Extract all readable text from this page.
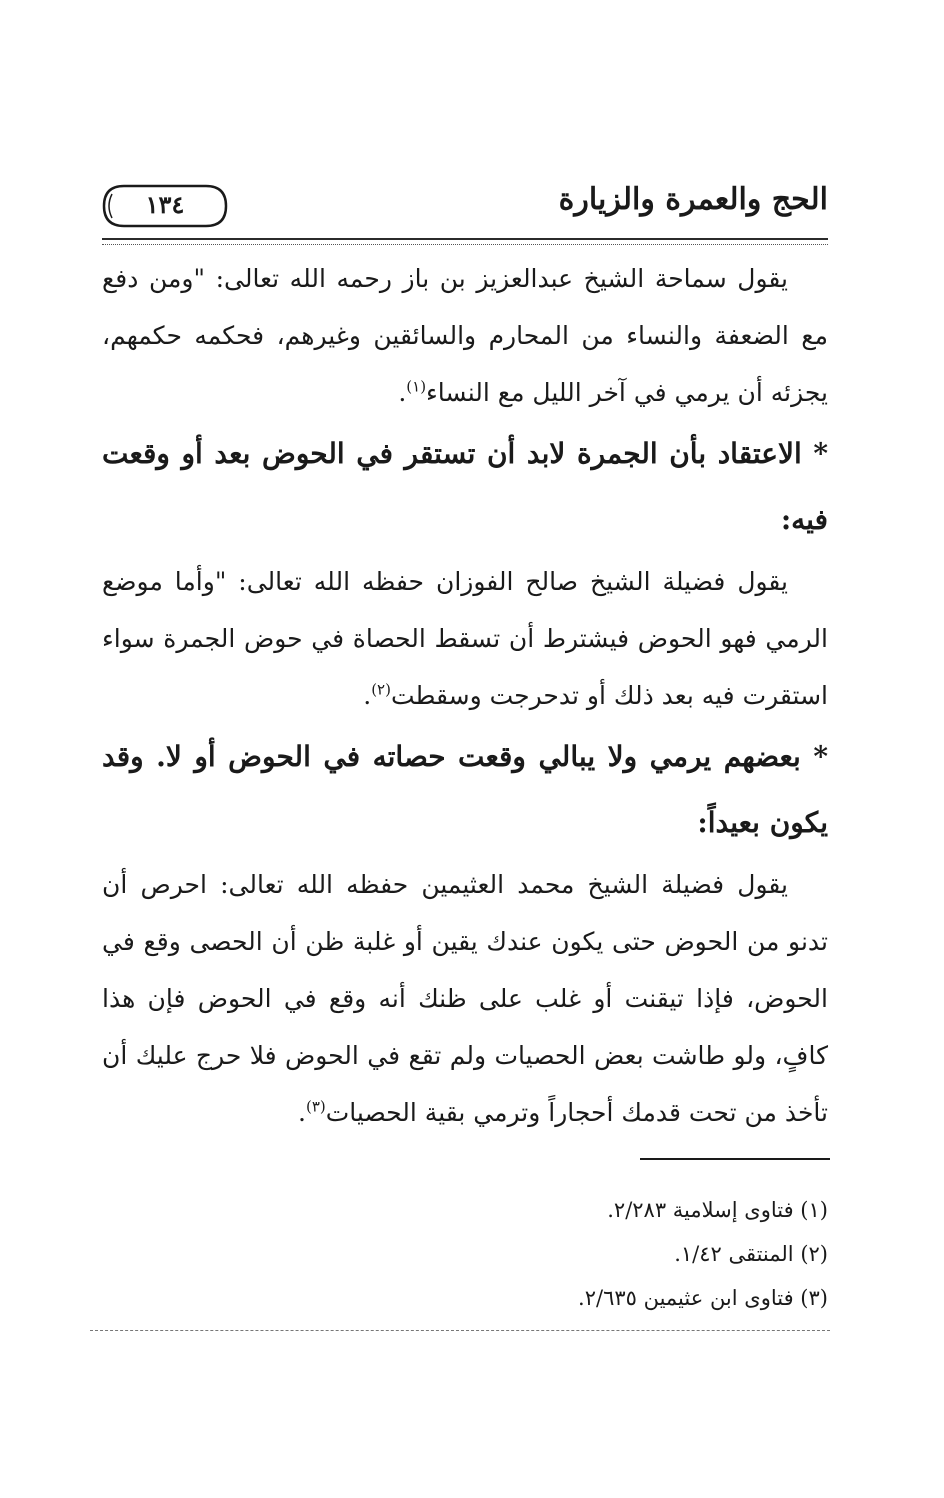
١٣٤	الحج والعمرة والزيارة

يقول سماحة الشيخ عبدالعزيز بن باز رحمه الله تعالى: "ومن دفع مع الضعفة والنساء من المحارم والسائقين وغيرهم، فحكمه حكمهم، يجزئه أن يرمي في آخر الليل مع النساء$^{(١)}$.

* الاعتقاد بأن الجمرة لابد أن تستقر في الحوض بعد أو وقعت فيه:

يقول فضيلة الشيخ صالح الفوزان حفظه الله تعالى: "وأما موضع الرمي فهو الحوض فيشترط أن تسقط الحصاة في حوض الجمرة سواء استقرت فيه بعد ذلك أو تدحرجت وسقطت$^{(٢)}$.

* بعضهم يرمي ولا يبالي وقعت حصاته في الحوض أو لا. وقد يكون بعيداً:

يقول فضيلة الشيخ محمد العثيمين حفظه الله تعالى: احرص أن تدنو من الحوض حتى يكون عندك يقين أو غلبة ظن أن الحصى وقع في الحوض، فإذا تيقنت أو غلب على ظنك أنه وقع في الحوض فإن هذا كافٍ، ولو طاشت بعض الحصيات ولم تقع في الحوض فلا حرج عليك أن تأخذ من تحت قدمك أحجاراً وترمي بقية الحصيات$^{(٣)}$.

(١) فتاوى إسلامية ٢/٢٨٣.

(٢) المنتقى ١/٤٢.

(٣) فتاوى ابن عثيمين ٢/٦٣٥.
